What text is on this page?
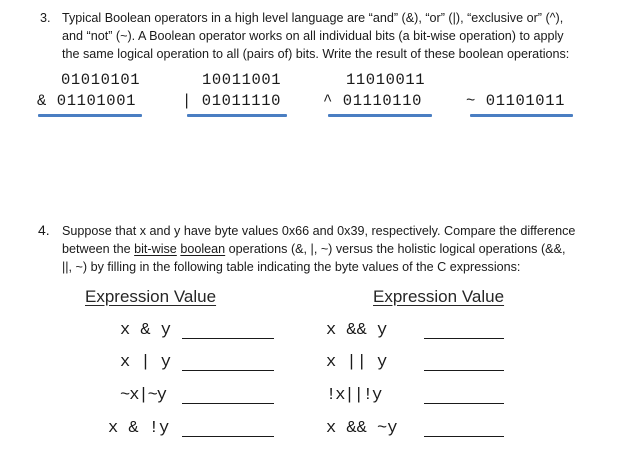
3. Typical Boolean operators in a high level language are “and” (&), “or” (|), “exclusive or” (^),
and “not” (~). A Boolean operator works on all individual bits (a bit-wise operation) to apply
the same logical operation to all (pairs of) bits. Write the result of these boolean operations:
01010101
& 01101001
10011001
| 01011110
11010011
^ 01110110	~ 01101011
4. Suppose that x and y have byte values 0x66 and 0x39, respectively. Compare the difference
between the bit-wise boolean operations (&, |, ~) versus the holistic logical operations (&&,
||, ~) by filling in the following table indicating the byte values of the C expressions:
Expression Value	Expression Value
x & y
x | y
~x|~y
x & !y
x && y
x || y
!x||!y
x && ~y
